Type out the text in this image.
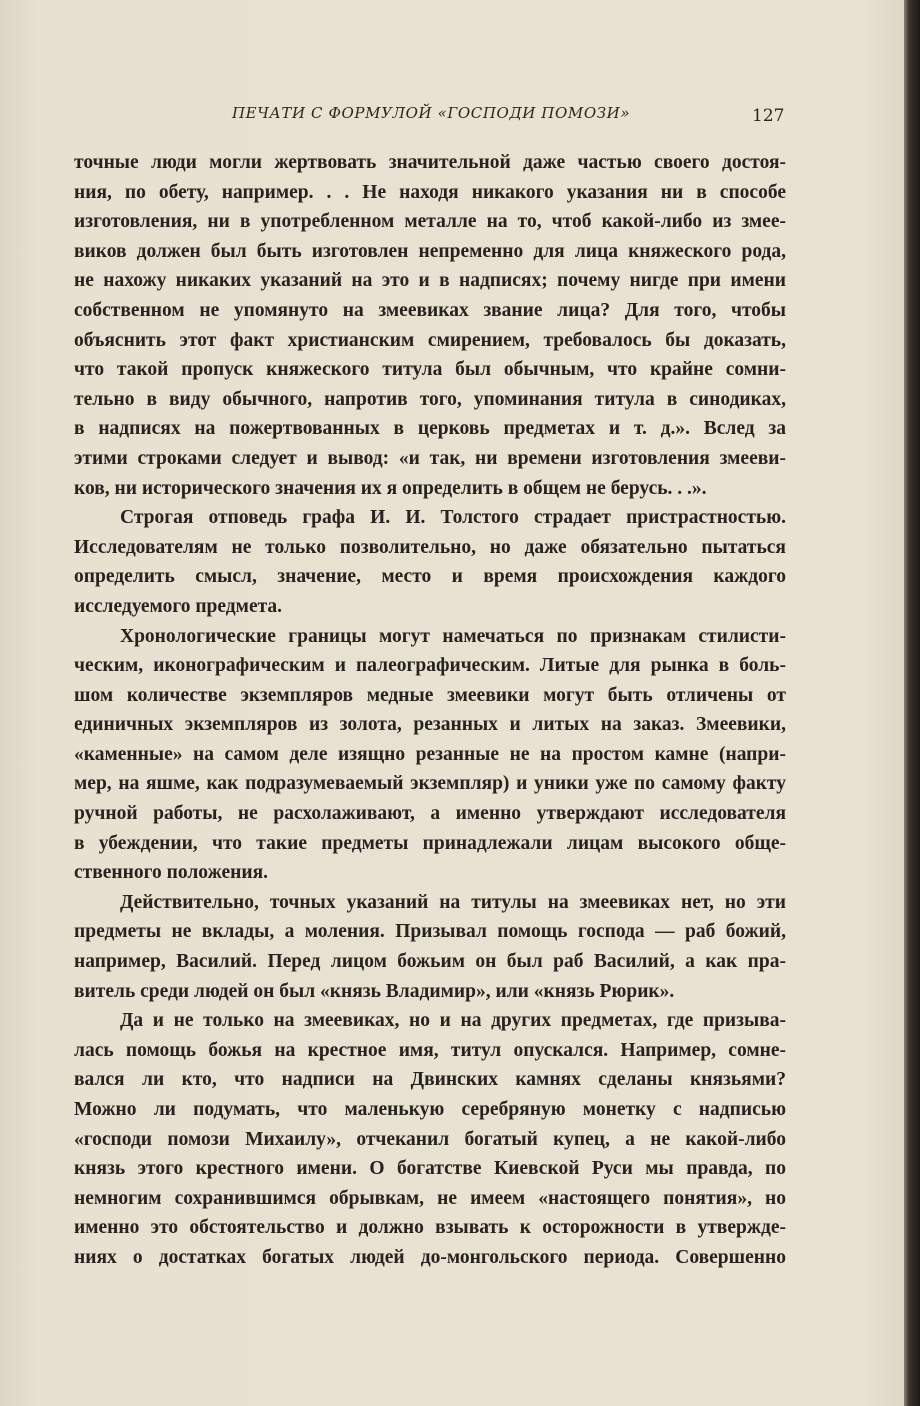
ПЕЧАТИ С ФОРМУЛОЙ «ГОСПОДИ ПОМОЗИ»	127
точные люди могли жертвовать значительной даже частью своего достоя-
ния, по обету, например. . . Не находя никакого указания ни в способе
изготовления, ни в употребленном металле на то, чтоб какой-либо из змее-
виков должен был быть изготовлен непременно для лица княжеского рода,
не нахожу никаких указаний на это и в надписях; почему нигде при имени
собственном не упомянуто на змеевиках звание лица? Для того, чтобы
объяснить этот факт христианским смирением, требовалось бы доказать,
что такой пропуск княжеского титула был обычным, что крайне сомни-
тельно в виду обычного, напротив того, упоминания титула в синодиках,
в надписях на пожертвованных в церковь предметах и т. д.». Вслед за
этими строками следует и вывод: «и так, ни времени изготовления змееви-
ков, ни исторического значения их я определить в общем не берусь. . .».
Строгая отповедь графа И. И. Толстого страдает пристрастностью.
Исследователям не только позволительно, но даже обязательно пытаться
определить смысл, значение, место и время происхождения каждого
исследуемого предмета.
Хронологические границы могут намечаться по признакам стилисти-
ческим, иконографическим и палеографическим. Литые для рынка в боль-
шом количестве экземпляров медные змеевики могут быть отличены от
единичных экземпляров из золота, резанных и литых на заказ. Змеевики,
«каменные» на самом деле изящно резанные не на простом камне (напри-
мер, на яшме, как подразумеваемый экземпляр) и уники уже по самому факту
ручной работы, не расхолаживают, а именно утверждают исследователя
в убеждении, что такие предметы принадлежали лицам высокого обще-
ственного положения.
Действительно, точных указаний на титулы на змеевиках нет, но эти
предметы не вклады, а моления. Призывал помощь господа — раб божий,
например, Василий. Перед лицом божьим он был раб Василий, а как пра-
витель среди людей он был «князь Владимир», или «князь Рюрик».
Да и не только на змеевиках, но и на других предметах, где призыва-
лась помощь божья на крестное имя, титул опускался. Например, сомне-
вался ли кто, что надписи на Двинских камнях сделаны князьями?
Можно ли подумать, что маленькую серебряную монетку с надписью
«господи помози Михаилу», отчеканил богатый купец, а не какой-либо
князь этого крестного имени. О богатстве Киевской Руси мы правда, по
немногим сохранившимся обрывкам, не имеем «настоящего понятия», но
именно это обстоятельство и должно взывать к осторожности в утвержде-
ниях о достатках богатых людей до-монгольского периода. Совершенно
